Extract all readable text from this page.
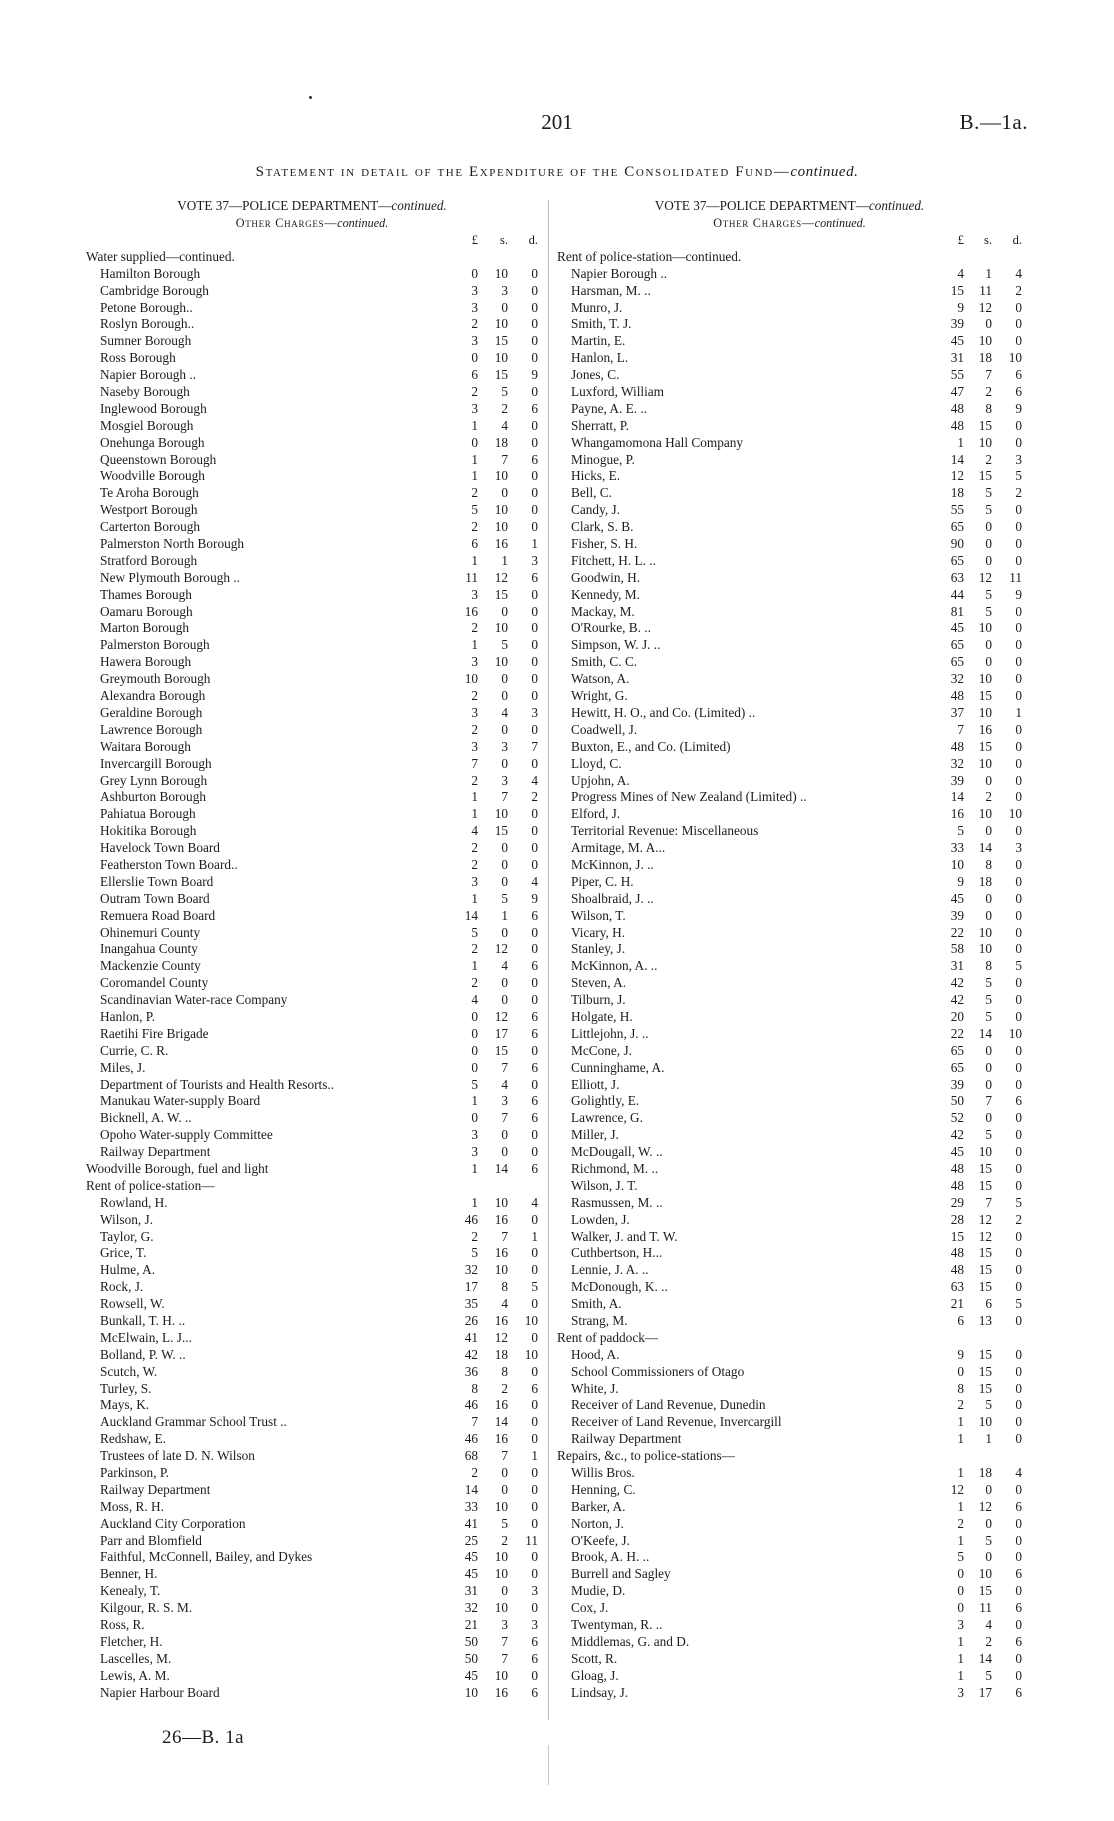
201	B.—1a.
Statement in detail of the Expenditure of the Consolidated Fund—continued.
VOTE 37—POLICE DEPARTMENT—continued.
Other Charges—continued.
£	s.	d.
Water supplied—continued.
Hamilton Borough	0	10	0
Cambridge Borough	3	3	0
Petone Borough..	3	0	0
Roslyn Borough..	2	10	0
Sumner Borough	3	15	0
Ross Borough	0	10	0
Napier Borough ..	6	15	9
Naseby Borough	2	5	0
Inglewood Borough	3	2	6
Mosgiel Borough	1	4	0
Onehunga Borough	0	18	0
Queenstown Borough	1	7	6
Woodville Borough	1	10	0
Te Aroha Borough	2	0	0
Westport Borough	5	10	0
Carterton Borough	2	10	0
Palmerston North Borough	6	16	1
Stratford Borough	1	1	3
New Plymouth Borough ..	11	12	6
Thames Borough	3	15	0
Oamaru Borough	16	0	0
Marton Borough	2	10	0
Palmerston Borough	1	5	0
Hawera Borough	3	10	0
Greymouth Borough	10	0	0
Alexandra Borough	2	0	0
Geraldine Borough	3	4	3
Lawrence Borough	2	0	0
Waitara Borough	3	3	7
Invercargill Borough	7	0	0
Grey Lynn Borough	2	3	4
Ashburton Borough	1	7	2
Pahiatua Borough	1	10	0
Hokitika Borough	4	15	0
Havelock Town Board	2	0	0
Featherston Town Board..	2	0	0
Ellerslie Town Board	3	0	4
Outram Town Board	1	5	9
Remuera Road Board	14	1	6
Ohinemuri County	5	0	0
Inangahua County	2	12	0
Mackenzie County	1	4	6
Coromandel County	2	0	0
Scandinavian Water-race Company	4	0	0
Hanlon, P.	0	12	6
Raetihi Fire Brigade	0	17	6
Currie, C. R.	0	15	0
Miles, J.	0	7	6
Department of Tourists and Health Resorts..	5	4	0
Manukau Water-supply Board	1	3	6
Bicknell, A. W. ..	0	7	6
Opoho Water-supply Committee	3	0	0
Railway Department	3	0	0
Woodville Borough, fuel and light	1	14	6
Rent of police-station—
Rowland, H.	1	10	4
Wilson, J.	46	16	0
Taylor, G.	2	7	1
Grice, T.	5	16	0
Hulme, A.	32	10	0
Rock, J.	17	8	5
Rowsell, W.	35	4	0
Bunkall, T. H. ..	26	16	10
McElwain, L. J...	41	12	0
Bolland, P. W. ..	42	18	10
Scutch, W.	36	8	0
Turley, S.	8	2	6
Mays, K.	46	16	0
Auckland Grammar School Trust ..	7	14	0
Redshaw, E.	46	16	0
Trustees of late D. N. Wilson	68	7	1
Parkinson, P.	2	0	0
Railway Department	14	0	0
Moss, R. H.	33	10	0
Auckland City Corporation	41	5	0
Parr and Blomfield	25	2	11
Faithful, McConnell, Bailey, and Dykes	45	10	0
Benner, H.	45	10	0
Kenealy, T.	31	0	3
Kilgour, R. S. M.	32	10	0
Ross, R.	21	3	3
Fletcher, H.	50	7	6
Lascelles, M.	50	7	6
Lewis, A. M.	45	10	0
Napier Harbour Board	10	16	6
VOTE 37—POLICE DEPARTMENT—continued.
Other Charges—continued.
£	s.	d.
Rent of police-station—continued.
Napier Borough ..	4	1	4
Harsman, M. ..	15	11	2
Munro, J.	9	12	0
Smith, T. J.	39	0	0
Martin, E.	45	10	0
Hanlon, L.	31	18	10
Jones, C.	55	7	6
Luxford, William	47	2	6
Payne, A. E. ..	48	8	9
Sherratt, P.	48	15	0
Whangamomona Hall Company	1	10	0
Minogue, P.	14	2	3
Hicks, E.	12	15	5
Bell, C.	18	5	2
Candy, J.	55	5	0
Clark, S. B.	65	0	0
Fisher, S. H.	90	0	0
Fitchett, H. L. ..	65	0	0
Goodwin, H.	63	12	11
Kennedy, M.	44	5	9
Mackay, M.	81	5	0
O'Rourke, B. ..	45	10	0
Simpson, W. J. ..	65	0	0
Smith, C. C.	65	0	0
Watson, A.	32	10	0
Wright, G.	48	15	0
Hewitt, H. O., and Co. (Limited) ..	37	10	1
Coadwell, J.	7	16	0
Buxton, E., and Co. (Limited)	48	15	0
Lloyd, C.	32	10	0
Upjohn, A.	39	0	0
Progress Mines of New Zealand (Limited) ..	14	2	0
Elford, J.	16	10	10
Territorial Revenue: Miscellaneous	5	0	0
Armitage, M. A...	33	14	3
McKinnon, J. ..	10	8	0
Piper, C. H.	9	18	0
Shoalbraid, J. ..	45	0	0
Wilson, T.	39	0	0
Vicary, H.	22	10	0
Stanley, J.	58	10	0
McKinnon, A. ..	31	8	5
Steven, A.	42	5	0
Tilburn, J.	42	5	0
Holgate, H.	20	5	0
Littlejohn, J. ..	22	14	10
McCone, J.	65	0	0
Cunninghame, A.	65	0	0
Elliott, J.	39	0	0
Golightly, E.	50	7	6
Lawrence, G.	52	0	0
Miller, J.	42	5	0
McDougall, W. ..	45	10	0
Richmond, M. ..	48	15	0
Wilson, J. T.	48	15	0
Rasmussen, M. ..	29	7	5
Lowden, J.	28	12	2
Walker, J. and T. W.	15	12	0
Cuthbertson, H...	48	15	0
Lennie, J. A. ..	48	15	0
McDonough, K. ..	63	15	0
Smith, A.	21	6	5
Strang, M.	6	13	0
Rent of paddock—
Hood, A.	9	15	0
School Commissioners of Otago	0	15	0
White, J.	8	15	0
Receiver of Land Revenue, Dunedin	2	5	0
Receiver of Land Revenue, Invercargill	1	10	0
Railway Department	1	1	0
Repairs, &c., to police-stations—
Willis Bros.	1	18	4
Henning, C.	12	0	0
Barker, A.	1	12	6
Norton, J.	2	0	0
O'Keefe, J.	1	5	0
Brook, A. H. ..	5	0	0
Burrell and Sagley	0	10	6
Mudie, D.	0	15	0
Cox, J.	0	11	6
Twentyman, R. ..	3	4	0
Middlemas, G. and D.	1	2	6
Scott, R.	1	14	0
Gloag, J.	1	5	0
Lindsay, J.	3	17	6
26—B. 1a
